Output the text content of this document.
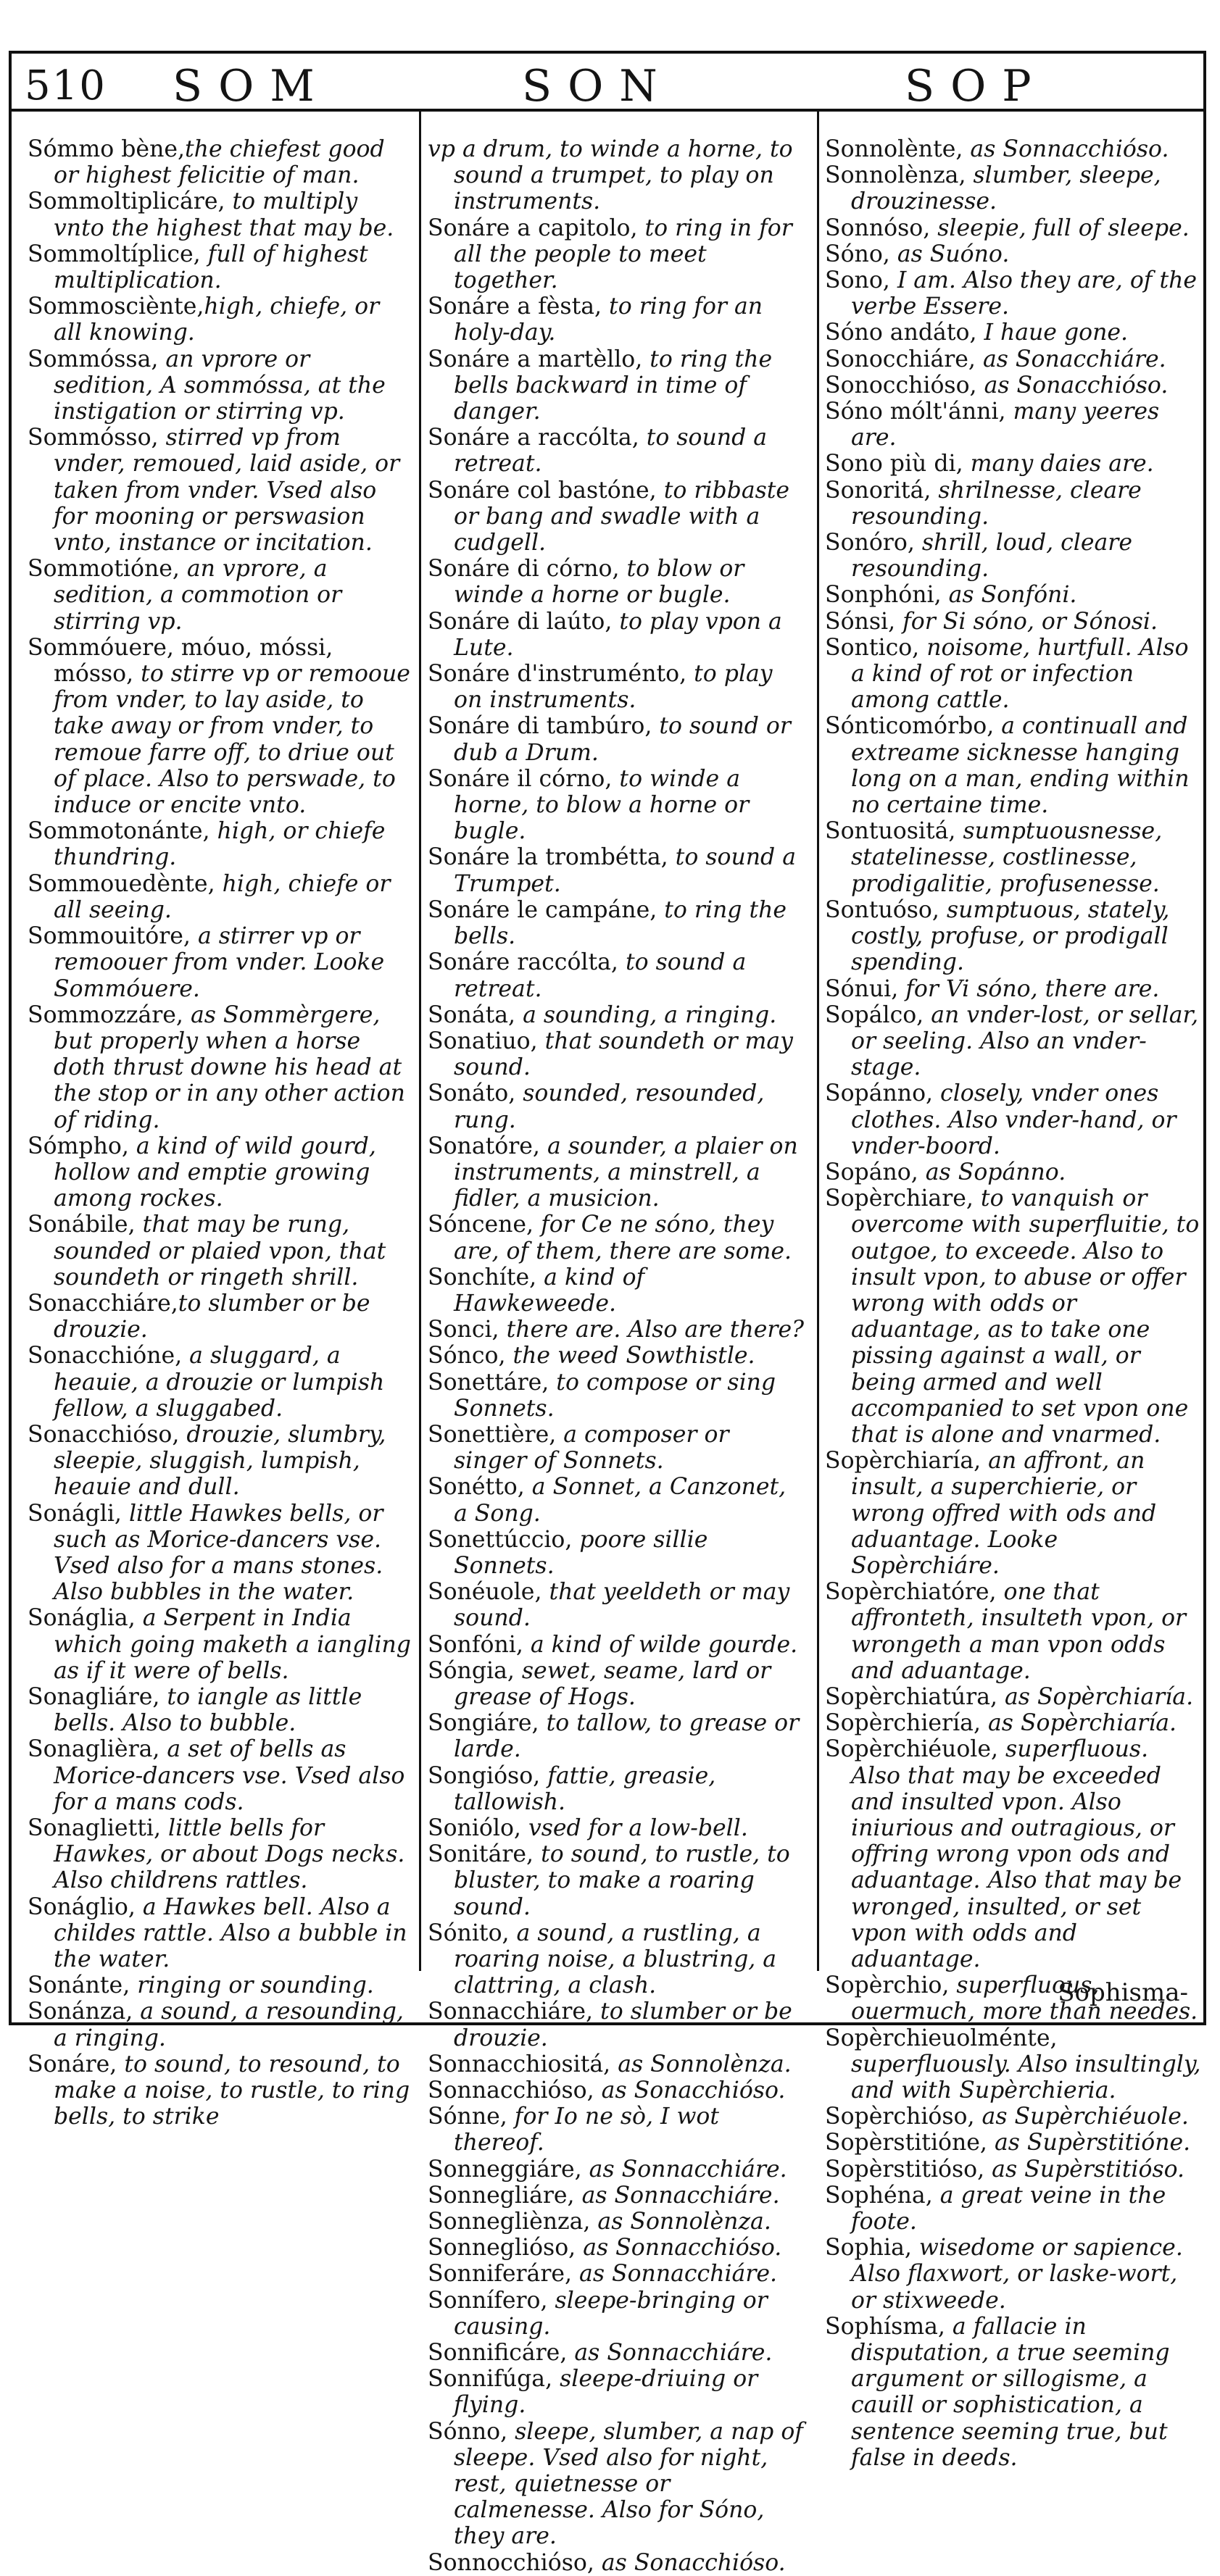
510 SOM	SON	SOP

Sómmo bène,the chiefest good or highest felicitie of man.

Sommoltiplicáre, to multiply vnto the highest that may be.

Sommoltíplice, full of highest multiplication.

Sommosciènte,high, chiefe, or all knowing.

Sommóssa, an vprore or sedition, A sommóssa, at the instigation or stirring vp.

Sommósso, stirred vp from vnder, remoued, laid aside, or taken from vnder. Vsed also for mooning or perswasion vnto, instance or incitation.

Sommotióne, an vprore, a sedition, a commotion or stirring vp.

Sommóuere, móuo, móssi, mósso, to stirre vp or remooue from vnder, to lay aside, to take away or from vnder, to remoue farre off, to driue out of place. Also to perswade, to induce or encite vnto.

Sommotonánte, high, or chiefe thundring.

Sommouedènte, high, chiefe or all seeing.

Sommouitóre, a stirrer vp or remoouer from vnder. Looke Sommóuere.

Sommozzáre, as Sommèrgere, but properly when a horse doth thrust downe his head at the stop or in any other action of riding.

Sómpho, a kind of wild gourd, hollow and emptie growing among rockes.

Sonábile, that may be rung, sounded or plaied vpon, that soundeth or ringeth shrill.

Sonacchiáre,to slumber or be drouzie.

Sonacchióne, a sluggard, a heauie, a drouzie or lumpish fellow, a sluggabed.

Sonacchióso, drouzie, slumbry, sleepie, sluggish, lumpish, heauie and dull.

Sonágli, little Hawkes bells, or such as Morice-dancers vse. Vsed also for a mans stones. Also bubbles in the water.

Sonáglia, a Serpent in India which going maketh a iangling as if it were of bells.

Sonagliáre, to iangle as little bells. Also to bubble.

Sonaglièra, a set of bells as Morice-dancers vse. Vsed also for a mans cods.

Sonaglietti, little bells for Hawkes, or about Dogs necks. Also childrens rattles.

Sonáglio, a Hawkes bell. Also a childes rattle. Also a bubble in the water.

Sonánte, ringing or sounding.

Sonánza, a sound, a resounding, a ringing.

Sonáre, to sound, to resound, to make a noise, to rustle, to ring bells, to strike

vp a drum, to winde a horne, to sound a trumpet, to play on instruments.

Sonáre a capitolo, to ring in for all the people to meet together.

Sonáre a fèsta, to ring for an holy-day.

Sonáre a martèllo, to ring the bells backward in time of danger.

Sonáre a raccólta, to sound a retreat.

Sonáre col bastóne, to ribbaste or bang and swadle with a cudgell.

Sonáre di córno, to blow or winde a horne or bugle.

Sonáre di laúto, to play vpon a Lute.

Sonáre d'instruménto, to play on instruments.

Sonáre di tambúro, to sound or dub a Drum.

Sonáre il córno, to winde a horne, to blow a horne or bugle.

Sonáre la trombétta, to sound a Trumpet.

Sonáre le campáne, to ring the bells.

Sonáre raccólta, to sound a retreat.

Sonáta, a sounding, a ringing.

Sonatiuo, that soundeth or may sound.

Sonáto, sounded, resounded, rung.

Sonatóre, a sounder, a plaier on instruments, a minstrell, a fidler, a musicion.

Sóncene, for Ce ne sóno, they are, of them, there are some.

Sonchíte, a kind of Hawkeweede.

Sonci, there are. Also are there?

Sónco, the weed Sowthistle.

Sonettáre, to compose or sing Sonnets.

Sonettière, a composer or singer of Sonnets.

Sonétto, a Sonnet, a Canzonet, a Song.

Sonettúccio, poore sillie Sonnets.

Sonéuole, that yeeldeth or may sound.

Sonfóni, a kind of wilde gourde.

Sóngia, sewet, seame, lard or grease of Hogs.

Songiáre, to tallow, to grease or larde.

Songióso, fattie, greasie, tallowish.

Soniólo, vsed for a low-bell.

Sonitáre, to sound, to rustle, to bluster, to make a roaring sound.

Sónito, a sound, a rustling, a roaring noise, a blustring, a clattring, a clash.

Sonnacchiáre, to slumber or be drouzie.

Sonnacchiositá, as Sonnolènza.

Sonnacchióso, as Sonacchióso.

Sónne, for Io ne sò, I wot thereof.

Sonneggiáre, as Sonnacchiáre.

Sonnegliáre, as Sonnacchiáre.

Sonnegliènza, as Sonnolènza.

Sonneglióso, as Sonnacchióso.

Sonniferáre, as Sonnacchiáre.

Sonnífero, sleepe-bringing or causing.

Sonnificáre, as Sonnacchiáre.

Sonnifúga, sleepe-driuing or flying.

Sónno, sleepe, slumber, a nap of sleepe. Vsed also for night, rest, quietnesse or calmenesse. Also for Sóno, they are.

Sonnocchióso, as Sonacchióso.

Sonnolènte, as Sonnacchióso.

Sonnolènza, slumber, sleepe, drouzinesse.

Sonnóso, sleepie, full of sleepe.

Sóno, as Suóno.

Sono, I am. Also they are, of the verbe Essere.

Sóno andáto, I haue gone.

Sonocchiáre, as Sonacchiáre.

Sonocchióso, as Sonacchióso.

Sóno mólt'ánni, many yeeres are.

Sono più di, many daies are.

Sonoritá, shrilnesse, cleare resounding.

Sonóro, shrill, loud, cleare resounding.

Sonphóni, as Sonfóni.

Sónsi, for Si sóno, or Sónosi.

Sontico, noisome, hurtfull. Also a kind of rot or infection among cattle.

Sónticomórbo, a continuall and extreame sicknesse hanging long on a man, ending within no certaine time.

Sontuositá, sumptuousnesse, statelinesse, costlinesse, prodigalitie, profusenesse.

Sontuóso, sumptuous, stately, costly, profuse, or prodigall spending.

Sónui, for Vi sóno, there are.

Sopálco, an vnder-lost, or sellar, or seeling. Also an vnder-stage.

Sopánno, closely, vnder ones clothes. Also vnder-hand, or vnder-boord.

Sopáno, as Sopánno.

Sopèrchiare, to vanquish or overcome with superfluitie, to outgoe, to exceede. Also to insult vpon, to abuse or offer wrong with odds or aduantage, as to take one pissing against a wall, or being armed and well accompanied to set vpon one that is alone and vnarmed.

Sopèrchiaría, an affront, an insult, a superchierie, or wrong offred with ods and aduantage. Looke Sopèrchiáre.

Sopèrchiatóre, one that affronteth, insulteth vpon, or wrongeth a man vpon odds and aduantage.

Sopèrchiatúra, as Sopèrchiaría.

Sopèrchiería, as Sopèrchiaría.

Sopèrchiéuole, superfluous. Also that may be exceeded and insulted vpon. Also iniurious and outragious, or offring wrong vpon ods and aduantage. Also that may be wronged, insulted, or set vpon with odds and aduantage.

Sopèrchio, superfluous, ouermuch, more than needes.

Sopèrchieuolménte, superfluously. Also insultingly, and with Supèrchieria.

Sopèrchióso, as Supèrchiéuole.

Sopèrstitióne, as Supèrstitióne.

Sopèrstitióso, as Supèrstitióso.

Sophéna, a great veine in the foote.

Sophia, wisedome or sapience. Also flaxwort, or laske-wort, or stixweede.

Sophísma, a fallacie in disputation, a true seeming argument or sillogisme, a cauill or sophistication, a sentence seeming true, but false in deeds.

Sophisma-
